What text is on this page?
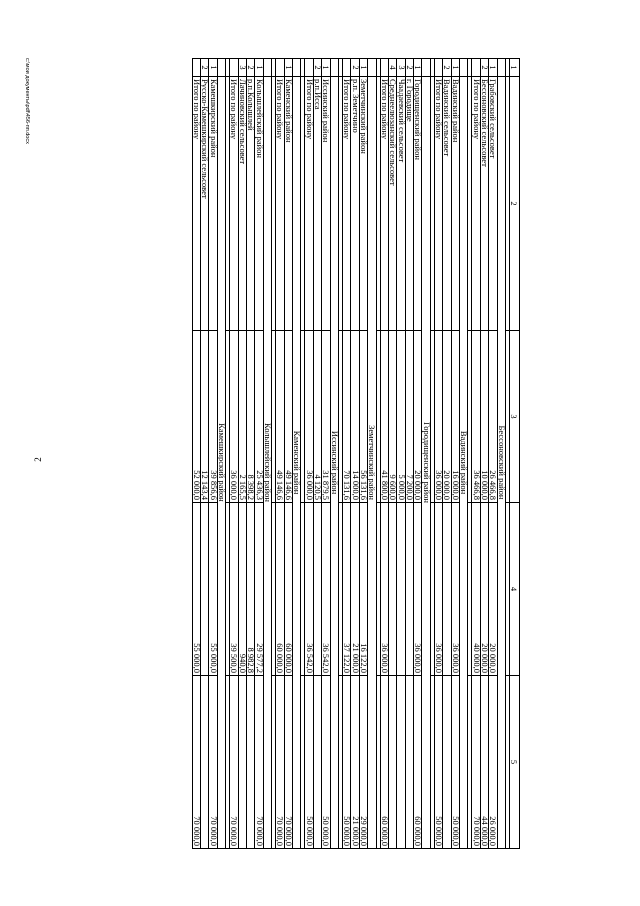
2
1	2	3	4	5

	Бессоновский район			
1	Грабовский сельсовет	26 466,8	20 000,0	26 000,0
2	Бессоновский сельсовет	10 000,0	20 000,0	44 000,0
	Итого по району	36 466,8	40 000,0	70 000,0

	Вадинский район			
1	Вадинский район	16 000,0	36 000,0	50 000,0
2	Вадинский сельсовет	20 000,0		
	Итого по району	36 000,0	36 000,0	50 000,0

	Городищенский район			
1	Городищенский район	20 000,0	36 000,0	60 000,0
2	г. Городище	7 200,0		
3	Чаадаевский сельсовет	5 000,0		
4	Среднеелюзанский сельсовет	9 600,0		
	Итого по району	41 800,0	36 000,0	60 000,0

	Земетчинский район			
1	Земетчинский район	56 131,6	16 122,0	29 000,0
2	р.п. Земетчино	14 000,0	21 000,0	21 000,0
	Итого по району	70 131,6	37 122,0	50 000,0

	Иссинский район			
1	Иссинский район	31 879,5	36 542,0	50 000,0
2	р.п.Исса	4 120,5		
	Итого по району	36 000,0	36 542,0	50 000,0

	Каменский район			
1	Каменский район	49 146,6	60 000,0	70 000,0
	Итого по району	49 146,6	60 000,0	70 000,0

	Колышлейский район			
1	Колышлейский район	25 436,3	29 577,2	70 000,0
2	р.п.Колышлей	8 398,2	8 982,8	
3	Лачиновский сельсовет	2 165,5	940,0	
	Итого по району	36 000,0	39 500,0	70 000,0

	Камешкирский район			
1	Камешкирский район	39 856,6	55 000,0	70 000,0
2	Русско-Камешкирский сельсовет	12 143,4		
	Итого по району	52 000,0	55 000,0	70 000,0
c:\мои документы\pdf\456-пп.docx
